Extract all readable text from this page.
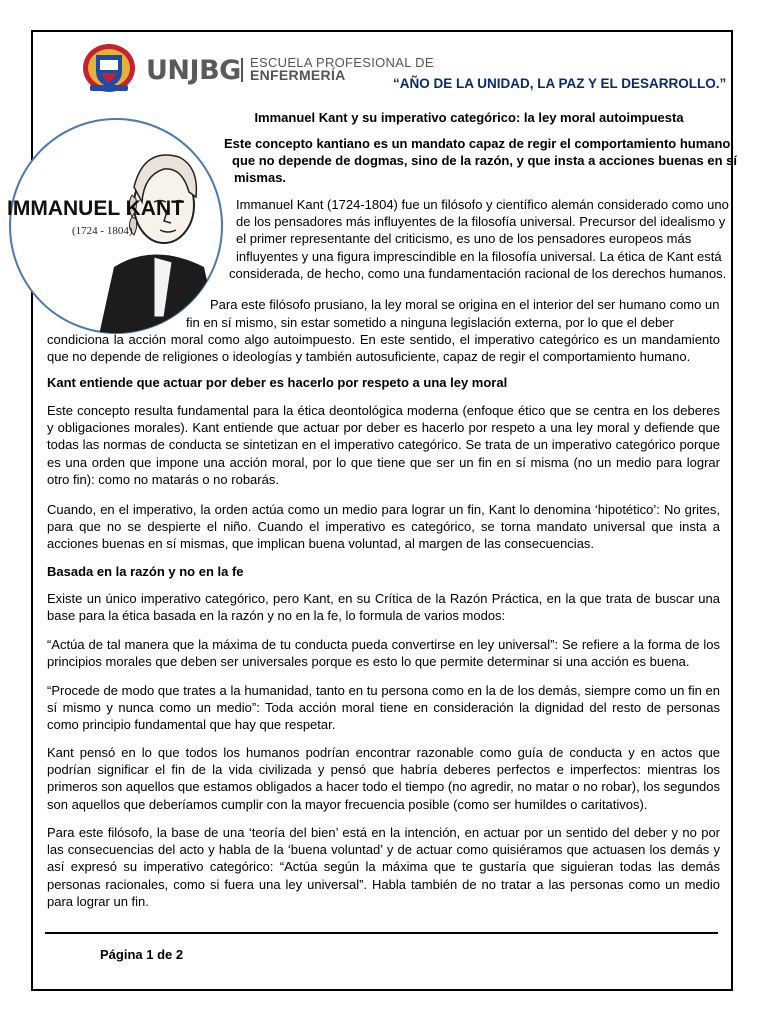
UNJBG ESCUELA PROFESIONAL DE
ENFERMERÍA
“AÑO DE LA UNIDAD, LA PAZ Y EL DESARROLLO.”
Immanuel Kant y su imperativo categórico: la ley moral autoimpuesta
IMMANUEL KANT
(1724 - 1804)
Este concepto kantiano es un mandato capaz de regir el comportamiento humano,
que no depende de dogmas, sino de la razón, y que insta a acciones buenas en sí
mismas.
Immanuel Kant (1724-1804) fue un filósofo y científico alemán considerado como uno
de los pensadores más influyentes de la filosofía universal. Precursor del idealismo y
el primer representante del criticismo, es uno de los pensadores europeos más
influyentes y una figura imprescindible en la filosofía universal. La ética de Kant está
considerada, de hecho, como una fundamentación racional de los derechos humanos.
Para este filósofo prusiano, la ley moral se origina en el interior del ser humano como un
fin en sí mismo, sin estar sometido a ninguna legislación externa, por lo que el deber
condiciona la acción moral como algo autoimpuesto. En este sentido, el imperativo categórico es un mandamiento que no depende de religiones o ideologías y también autosuficiente, capaz de regir el comportamiento humano.
Kant entiende que actuar por deber es hacerlo por respeto a una ley moral
Este concepto resulta fundamental para la ética deontológica moderna (enfoque ético que se centra en los deberes y obligaciones morales). Kant entiende que actuar por deber es hacerlo por respeto a una ley moral y defiende que todas las normas de conducta se sintetizan en el imperativo categórico. Se trata de un imperativo categórico porque es una orden que impone una acción moral, por lo que tiene que ser un fin en sí misma (no un medio para lograr otro fin): como no matarás o no robarás.
Cuando, en el imperativo, la orden actúa como un medio para lograr un fin, Kant lo denomina ‘hipotético’: No grites, para que no se despierte el niño. Cuando el imperativo es categórico, se torna mandato universal que insta a acciones buenas en sí mismas, que implican buena voluntad, al margen de las consecuencias.
Basada en la razón y no en la fe
Existe un único imperativo categórico, pero Kant, en su Crítica de la Razón Práctica, en la que trata de buscar una base para la ética basada en la razón y no en la fe, lo formula de varios modos:
“Actúa de tal manera que la máxima de tu conducta pueda convertirse en ley universal”: Se refiere a la forma de los principios morales que deben ser universales porque es esto lo que permite determinar si una acción es buena.
“Procede de modo que trates a la humanidad, tanto en tu persona como en la de los demás, siempre como un fin en sí mismo y nunca como un medio”: Toda acción moral tiene en consideración la dignidad del resto de personas como principio fundamental que hay que respetar.
Kant pensó en lo que todos los humanos podrían encontrar razonable como guía de conducta y en actos que podrían significar el fin de la vida civilizada y pensó que habría deberes perfectos e imperfectos: mientras los primeros son aquellos que estamos obligados a hacer todo el tiempo (no agredir, no matar o no robar), los segundos son aquellos que deberíamos cumplir con la mayor frecuencia posible (como ser humildes o caritativos).
Para este filósofo, la base de una ‘teoría del bien’ está en la intención, en actuar por un sentido del deber y no por las consecuencias del acto y habla de la ‘buena voluntad’ y de actuar como quisiéramos que actuasen los demás y así expresó su imperativo categórico: “Actúa según la máxima que te gustaría que siguieran todas las demás personas racionales, como si fuera una ley universal”. Habla también de no tratar a las personas como un medio para lograr un fin.
Página 1 de 2
